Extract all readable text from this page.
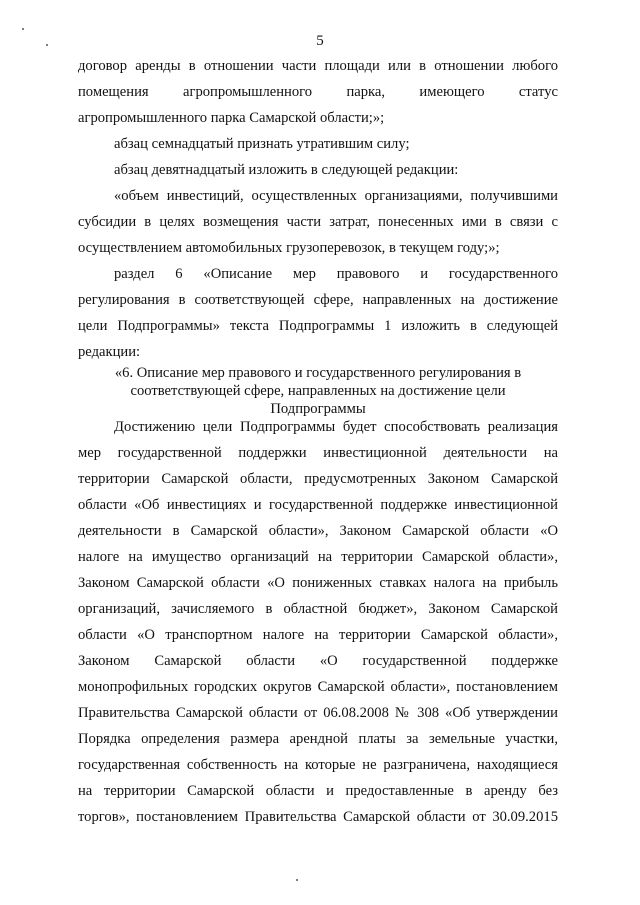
5
договор аренды в отношении части площади или в отношении любого
помещения агропромышленного парка, имеющего статус
агропромышленного парка Самарской области;»;
абзац семнадцатый признать утратившим силу;
абзац девятнадцатый изложить в следующей редакции:
«объем инвестиций, осуществленных организациями, получившими
субсидии в целях возмещения части затрат, понесенных ими в связи с
осуществлением автомобильных грузоперевозок, в текущем году;»;
раздел 6 «Описание мер правового и государственного
регулирования в соответствующей сфере, направленных на достижение
цели Подпрограммы» текста Подпрограммы 1 изложить в следующей
редакции:
«6. Описание мер правового и государственного регулирования в
соответствующей сфере, направленных на достижение цели
Подпрограммы
Достижению цели Подпрограммы будет способствовать реализация
мер государственной поддержки инвестиционной деятельности на
территории Самарской области, предусмотренных Законом Самарской
области «Об инвестициях и государственной поддержке инвестиционной
деятельности в Самарской области», Законом Самарской области «О
налоге на имущество организаций на территории Самарской области»,
Законом Самарской области «О пониженных ставках налога на прибыль
организаций, зачисляемого в областной бюджет», Законом Самарской
области «О транспортном налоге на территории Самарской области»,
Законом Самарской области «О государственной поддержке
монопрофильных городских округов Самарской области», постановлением
Правительства Самарской области от 06.08.2008 № 308 «Об утверждении
Порядка определения размера арендной платы за земельные участки,
государственная собственность на которые не разграничена, находящиеся
на территории Самарской области и предоставленные в аренду без
торгов», постановлением Правительства Самарской области от 30.09.2015
